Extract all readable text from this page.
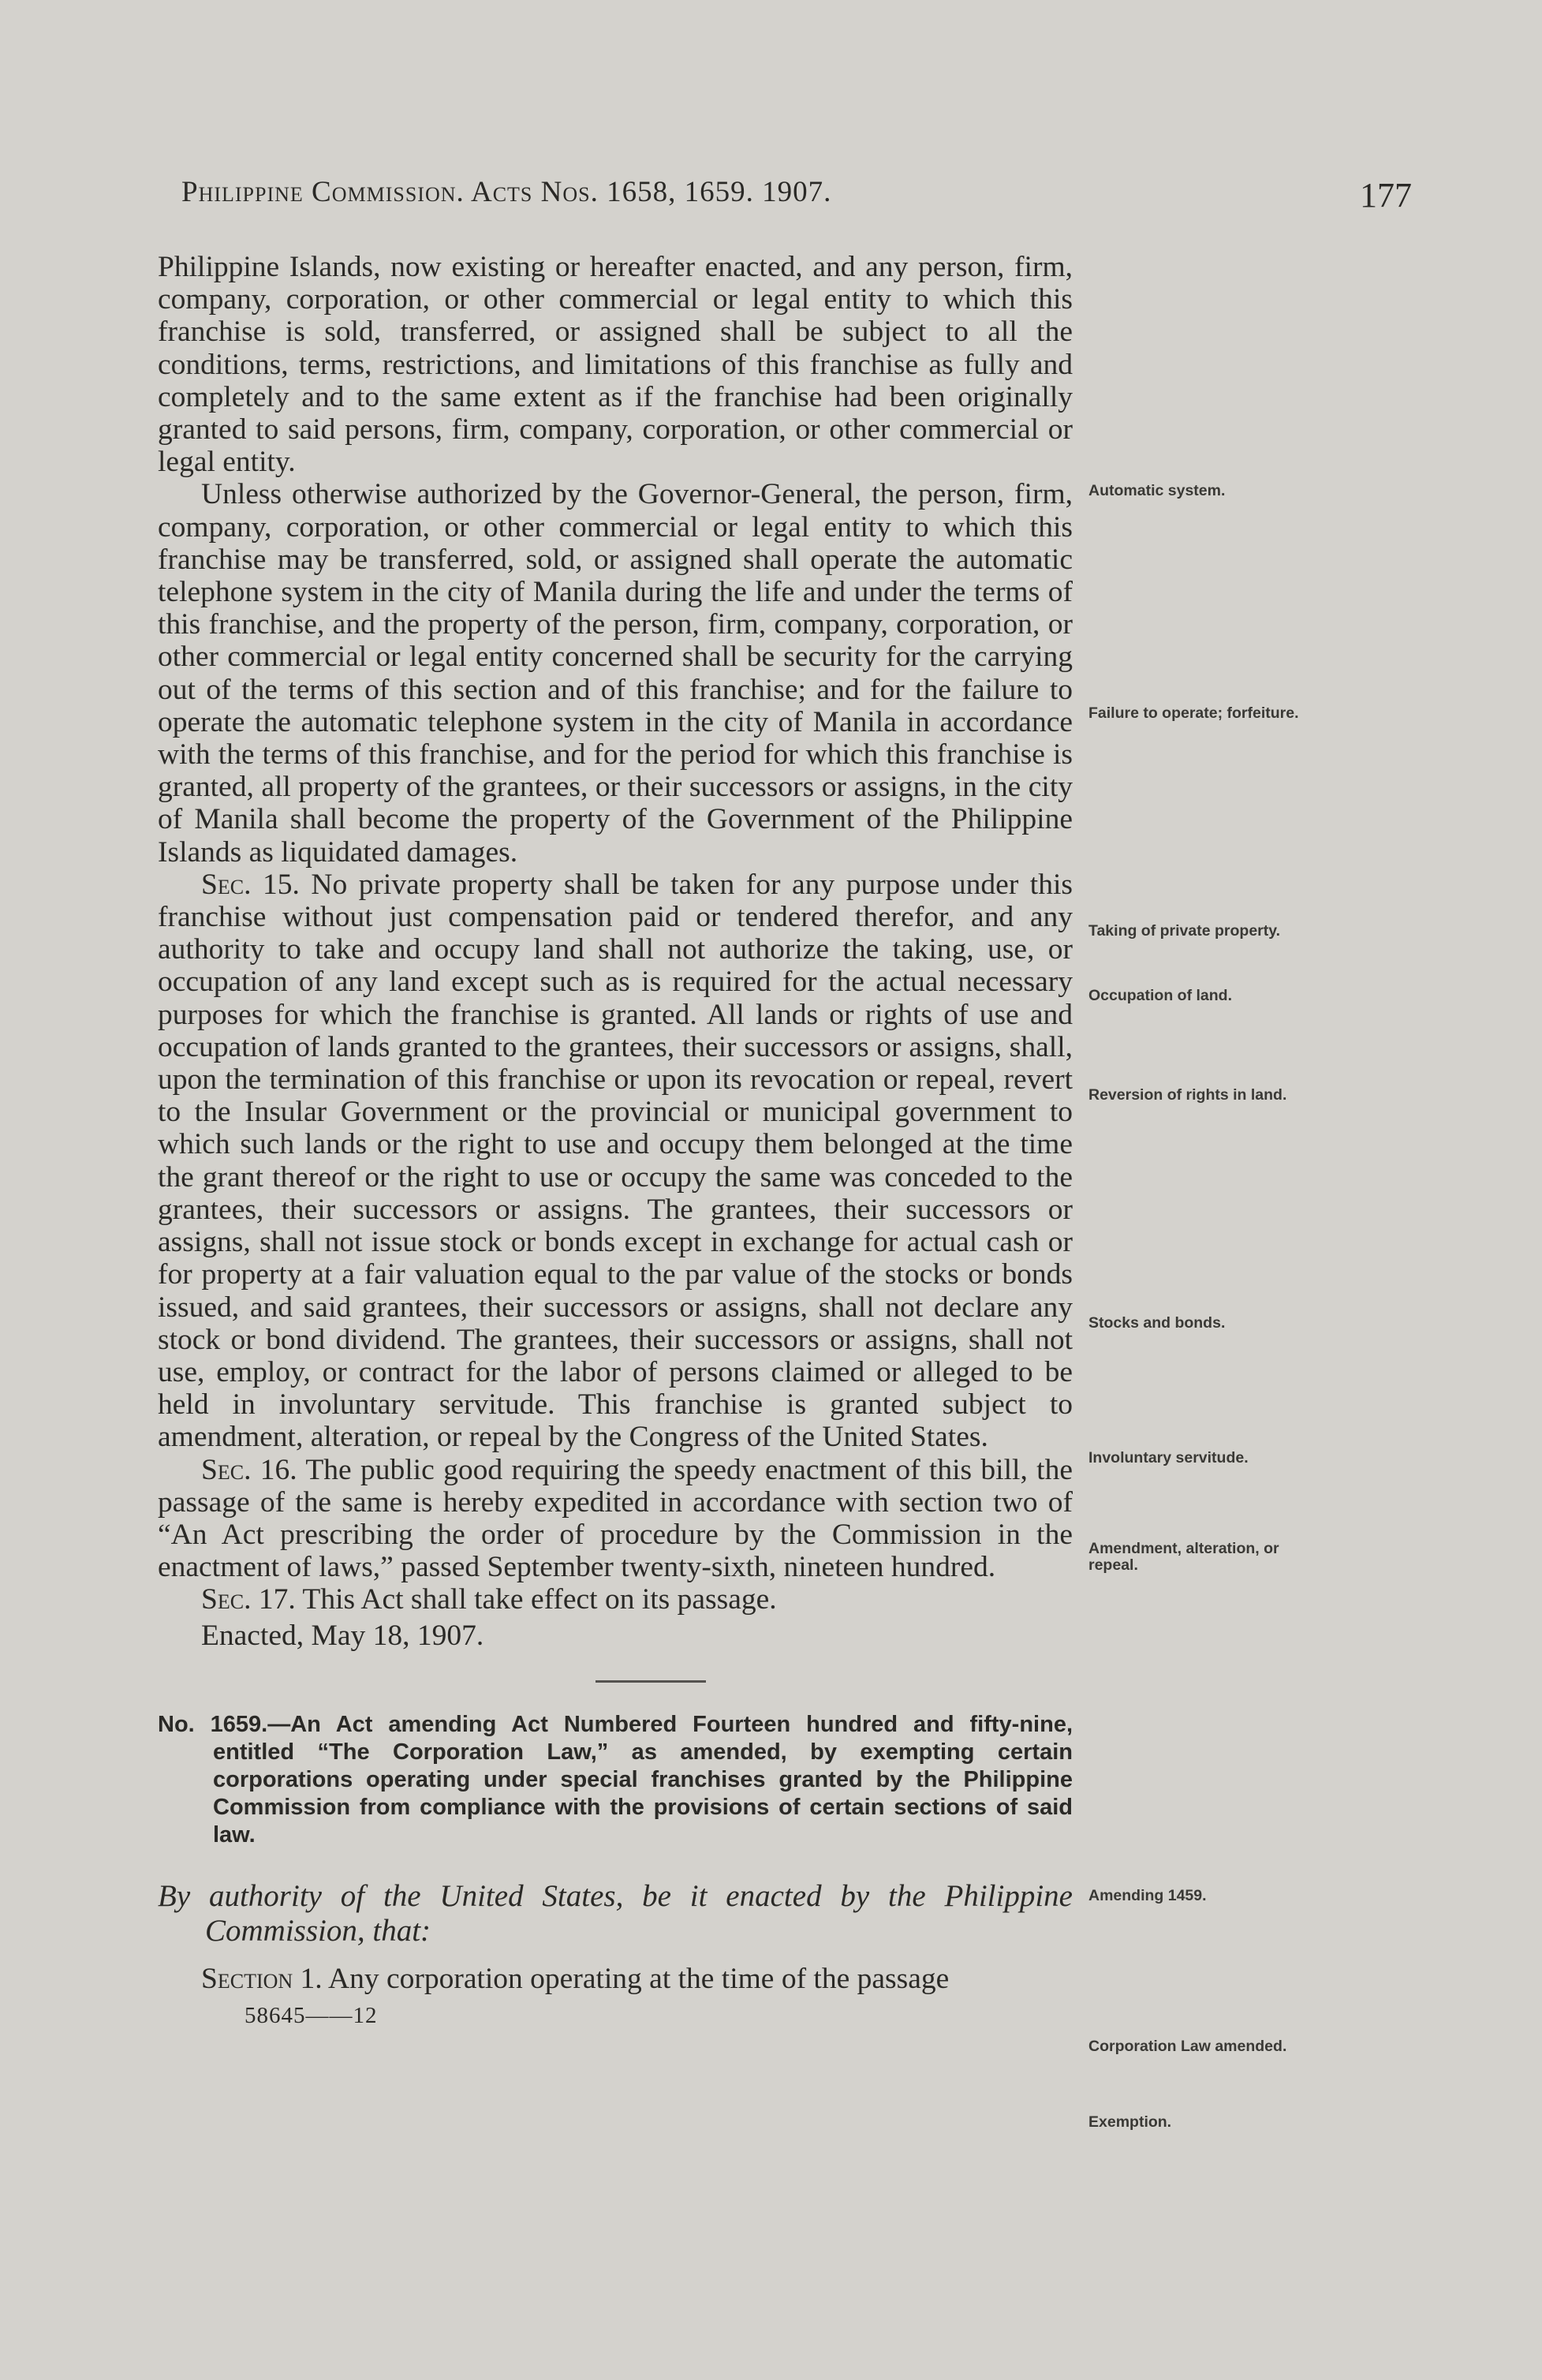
Philippine Commission. Acts Nos. 1658, 1659. 1907.	177

Philippine Islands, now existing or hereafter enacted, and any person, firm, company, corporation, or other commercial or legal entity to which this franchise is sold, transferred, or assigned shall be subject to all the conditions, terms, restrictions, and limitations of this franchise as fully and completely and to the same extent as if the franchise had been originally granted to said persons, firm, company, corporation, or other commercial or legal entity.

Unless otherwise authorized by the Governor-General, the person, firm, company, corporation, or other commercial or legal entity to which this franchise may be transferred, sold, or assigned shall operate the automatic telephone system in the city of Manila during the life and under the terms of this franchise, and the property of the person, firm, company, corporation, or other commercial or legal entity concerned shall be security for the carrying out of the terms of this section and of this franchise; and for the failure to operate the automatic telephone system in the city of Manila in accordance with the terms of this franchise, and for the period for which this franchise is granted, all property of the grantees, or their successors or assigns, in the city of Manila shall become the property of the Government of the Philippine Islands as liquidated damages.

Sec. 15. No private property shall be taken for any purpose under this franchise without just compensation paid or tendered therefor, and any authority to take and occupy land shall not authorize the taking, use, or occupation of any land except such as is required for the actual necessary purposes for which the franchise is granted. All lands or rights of use and occupation of lands granted to the grantees, their successors or assigns, shall, upon the termination of this franchise or upon its revocation or repeal, revert to the Insular Government or the provincial or municipal government to which such lands or the right to use and occupy them belonged at the time the grant thereof or the right to use or occupy the same was conceded to the grantees, their successors or assigns. The grantees, their successors or assigns, shall not issue stock or bonds except in exchange for actual cash or for property at a fair valuation equal to the par value of the stocks or bonds issued, and said grantees, their successors or assigns, shall not declare any stock or bond dividend. The grantees, their successors or assigns, shall not use, employ, or contract for the labor of persons claimed or alleged to be held in involuntary servitude. This franchise is granted subject to amendment, alteration, or repeal by the Congress of the United States.

Sec. 16. The public good requiring the speedy enactment of this bill, the passage of the same is hereby expedited in accordance with section two of “An Act prescribing the order of procedure by the Commission in the enactment of laws,” passed September twenty-sixth, nineteen hundred.

Sec. 17. This Act shall take effect on its passage.

Enacted, May 18, 1907.

No. 1659.—An Act amending Act Numbered Fourteen hundred and fifty-nine, entitled “The Corporation Law,” as amended, by exempting certain corporations operating under special franchises granted by the Philippine Commission from compliance with the provisions of certain sections of said law.

By authority of the United States, be it enacted by the Philippine Commission, that:

Section 1. Any corporation operating at the time of the passage

58645——12

Automatic system.
Failure to operate; forfeiture.
Taking of private property.
Occupation of land.
Reversion of rights in land.
Stocks and bonds.
Involuntary servitude.
Amendment, alteration, or repeal.
Amending 1459.
Corporation Law amended.
Exemption.
